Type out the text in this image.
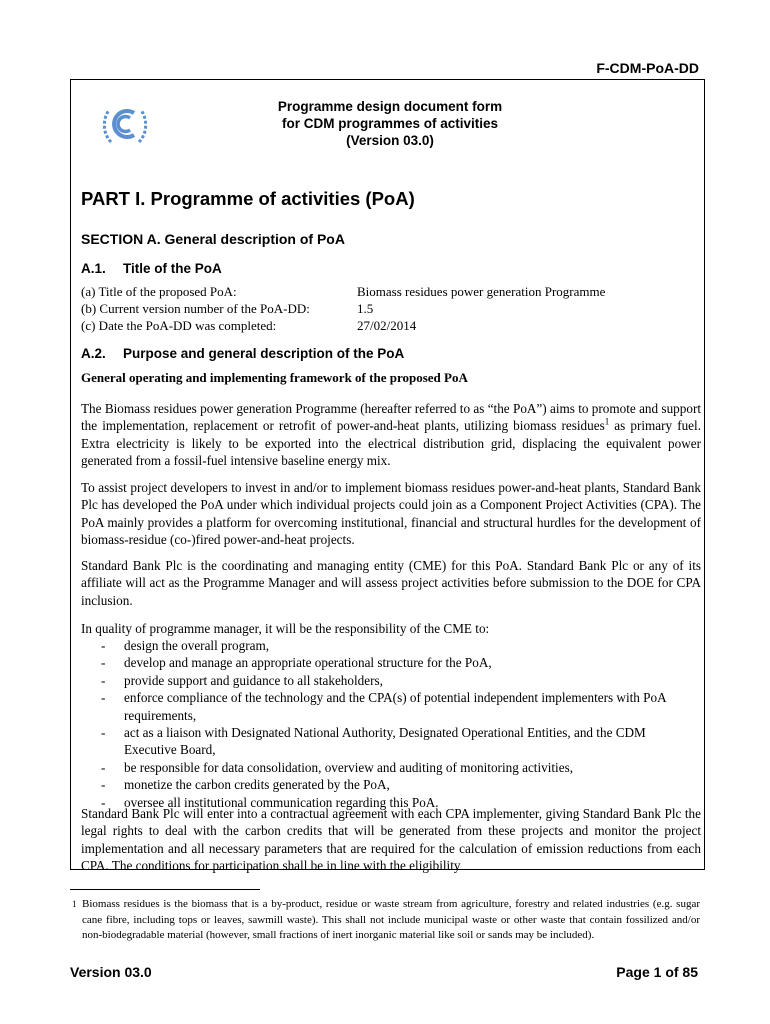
F-CDM-PoA-DD
Programme design document form
for CDM programmes of activities
(Version 03.0)
PART I. Programme of activities (PoA)
SECTION A. General description of PoA
A.1. Title of the PoA
(a) Title of the proposed PoA:	Biomass residues power generation Programme
(b) Current version number of the PoA-DD:	1.5
(c) Date the PoA-DD was completed:	27/02/2014
A.2. Purpose and general description of the PoA
General operating and implementing framework of the proposed PoA

The Biomass residues power generation Programme (hereafter referred to as “the PoA”) aims to promote and support the implementation, replacement or retrofit of power-and-heat plants, utilizing biomass residues$^1$ as primary fuel. Extra electricity is likely to be exported into the electrical distribution grid, displacing the equivalent power generated from a fossil-fuel intensive baseline energy mix.

To assist project developers to invest in and/or to implement biomass residues power-and-heat plants, Standard Bank Plc has developed the PoA under which individual projects could join as a Component Project Activities (CPA). The PoA mainly provides a platform for overcoming institutional, financial and structural hurdles for the development of biomass-residue (co-)fired power-and-heat projects.

Standard Bank Plc is the coordinating and managing entity (CME) for this PoA. Standard Bank Plc or any of its affiliate will act as the Programme Manager and will assess project activities before submission to the DOE for CPA inclusion.

In quality of programme manager, it will be the responsibility of the CME to:

- design the overall program,
- develop and manage an appropriate operational structure for the PoA,
- provide support and guidance to all stakeholders,
- enforce compliance of the technology and the CPA(s) of potential independent implementers with PoA requirements,
- act as a liaison with Designated National Authority, Designated Operational Entities, and the CDM Executive Board,
- be responsible for data consolidation, overview and auditing of monitoring activities,
- monetize the carbon credits generated by the PoA,
- oversee all institutional communication regarding this PoA.

Standard Bank Plc will enter into a contractual agreement with each CPA implementer, giving Standard Bank Plc the legal rights to deal with the carbon credits that will be generated from these projects and monitor the project implementation and all necessary parameters that are required for the calculation of emission reductions from each CPA. The conditions for participation shall be in line with the eligibility

1 Biomass residues is the biomass that is a by-product, residue or waste stream from agriculture, forestry and related industries (e.g. sugar cane fibre, including tops or leaves, sawmill waste). This shall not include municipal waste or other waste that contain fossilized and/or non-biodegradable material (however, small fractions of inert inorganic material like soil or sands may be included).
Version 03.0	Page 1 of 85
